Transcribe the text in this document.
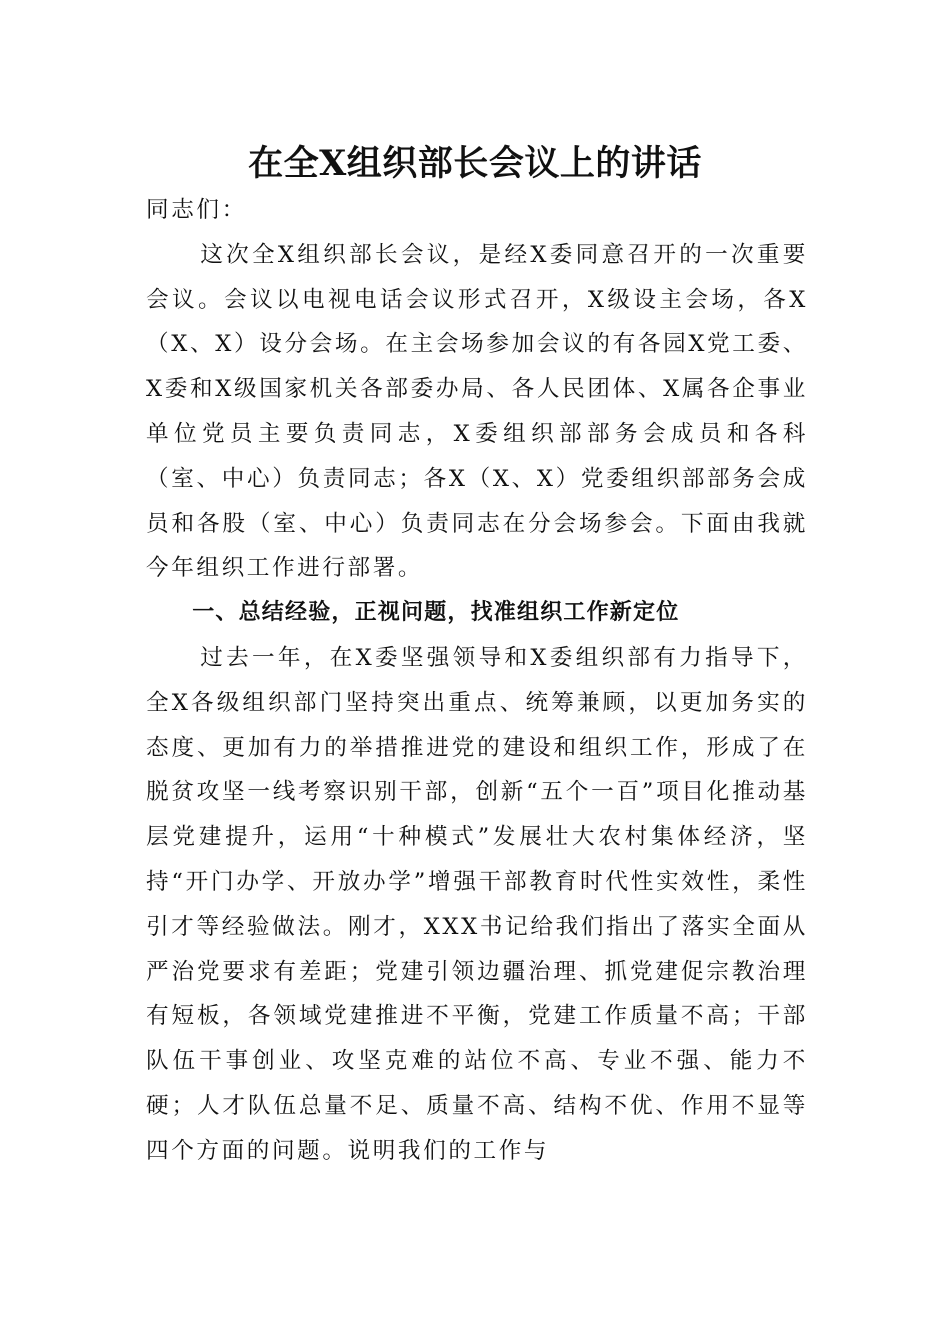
在全X组织部长会议上的讲话

同志们：

这次全X组织部长会议，是经X委同意召开的一次重要会议。会议以电视电话会议形式召开，X级设主会场，各X（X、X）设分会场。在主会场参加会议的有各园X党工委、X委和X级国家机关各部委办局、各人民团体、X属各企事业单位党员主要负责同志，X委组织部部务会成员和各科（室、中心）负责同志；各X（X、X）党委组织部部务会成员和各股（室、中心）负责同志在分会场参会。下面由我就今年组织工作进行部署。

一、总结经验，正视问题，找准组织工作新定位

过去一年，在X委坚强领导和X委组织部有力指导下，全X各级组织部门坚持突出重点、统筹兼顾，以更加务实的态度、更加有力的举措推进党的建设和组织工作，形成了在脱贫攻坚一线考察识别干部，创新“五个一百”项目化推动基层党建提升，运用“十种模式”发展壮大农村集体经济，坚持“开门办学、开放办学”增强干部教育时代性实效性，柔性引才等经验做法。刚才，XXX书记给我们指出了落实全面从严治党要求有差距；党建引领边疆治理、抓党建促宗教治理有短板，各领域党建推进不平衡，党建工作质量不高；干部队伍干事创业、攻坚克难的站位不高、专业不强、能力不硬；人才队伍总量不足、质量不高、结构不优、作用不显等四个方面的问题。说明我们的工作与
